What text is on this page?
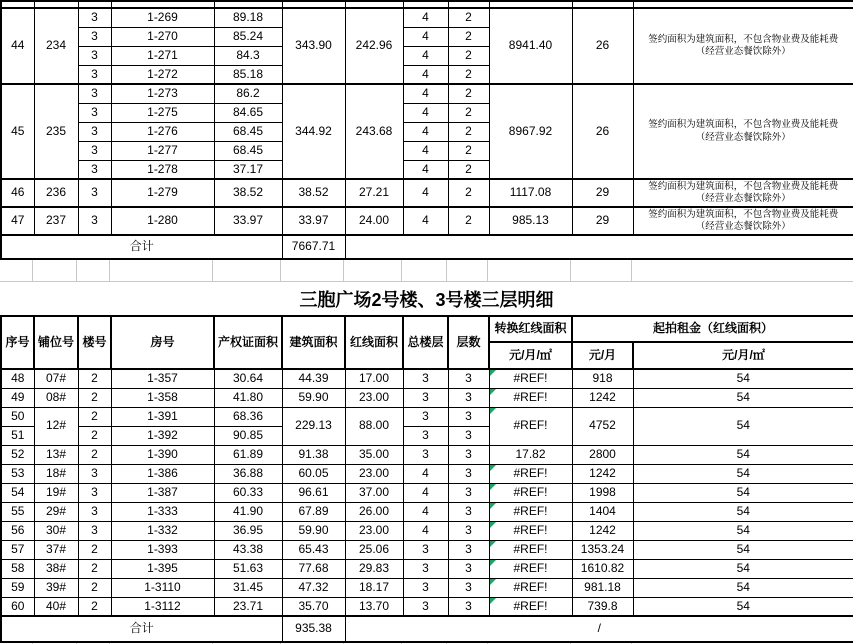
44	234	3	1-269	89.18	343.90	242.96	4	2	8941.40	26	签约面积为建筑面积，不包含物业费及能耗费
（经营业态餐饮除外）

		3	1-270	85.24			4	2			
		3	1-271	84.3			4	2			
		3	1-272	85.18			4	2			
45	235	3	1-273	86.2	344.92	243.68	4	2	8967.92	26	签约面积为建筑面积，不包含物业费及能耗费
（经营业态餐饮除外）

		3	1-275	84.65			4	2			
		3	1-276	68.45			4	2			
		3	1-277	68.45			4	2			
		3	1-278	37.17			4	2			
46	236	3	1-279	38.52	38.52	27.21	4	2	1117.08	29	签约面积为建筑面积，不包含物业费及能耗费
（经营业态餐饮除外）

47	237	3	1-280	33.97	33.97	24.00	4	2	985.13	29	签约面积为建筑面积，不包含物业费及能耗费
（经营业态餐饮除外）

合计					7667.71						
三胞广场2号楼、3号楼三层明细
序号	铺位号	楼号	房号	产权证面积	建筑面积	红线面积	总楼层	层数	转换红线面积	起拍租金（红线面积）	
									元/月/㎡	元/月	元/月/㎡
48	07#	2	1-357	30.64	44.39	17.00	3	3	#REF!	918	54
49	08#	2	1-358	41.80	59.90	23.00	3	3	#REF!	1242	54
50	12#	2	1-391	68.36	229.13	88.00	3	3	#REF!	4752	54
51		2	1-392	90.85			3	3			
52	13#	2	1-390	61.89	91.38	35.00	3	3	17.82	2800	54
53	18#	3	1-386	36.88	60.05	23.00	4	3	#REF!	1242	54
54	19#	3	1-387	60.33	96.61	37.00	4	3	#REF!	1998	54
55	29#	3	1-333	41.90	67.89	26.00	4	3	#REF!	1404	54
56	30#	3	1-332	36.95	59.90	23.00	4	3	#REF!	1242	54
57	37#	2	1-393	43.38	65.43	25.06	3	3	#REF!	1353.24	54
58	38#	2	1-395	51.63	77.68	29.83	3	3	#REF!	1610.82	54
59	39#	2	1-3110	31.45	47.32	18.17	3	3	#REF!	981.18	54
60	40#	2	1-3112	23.71	35.70	13.70	3	3	#REF!	739.8	54
合计					935.38	/					
